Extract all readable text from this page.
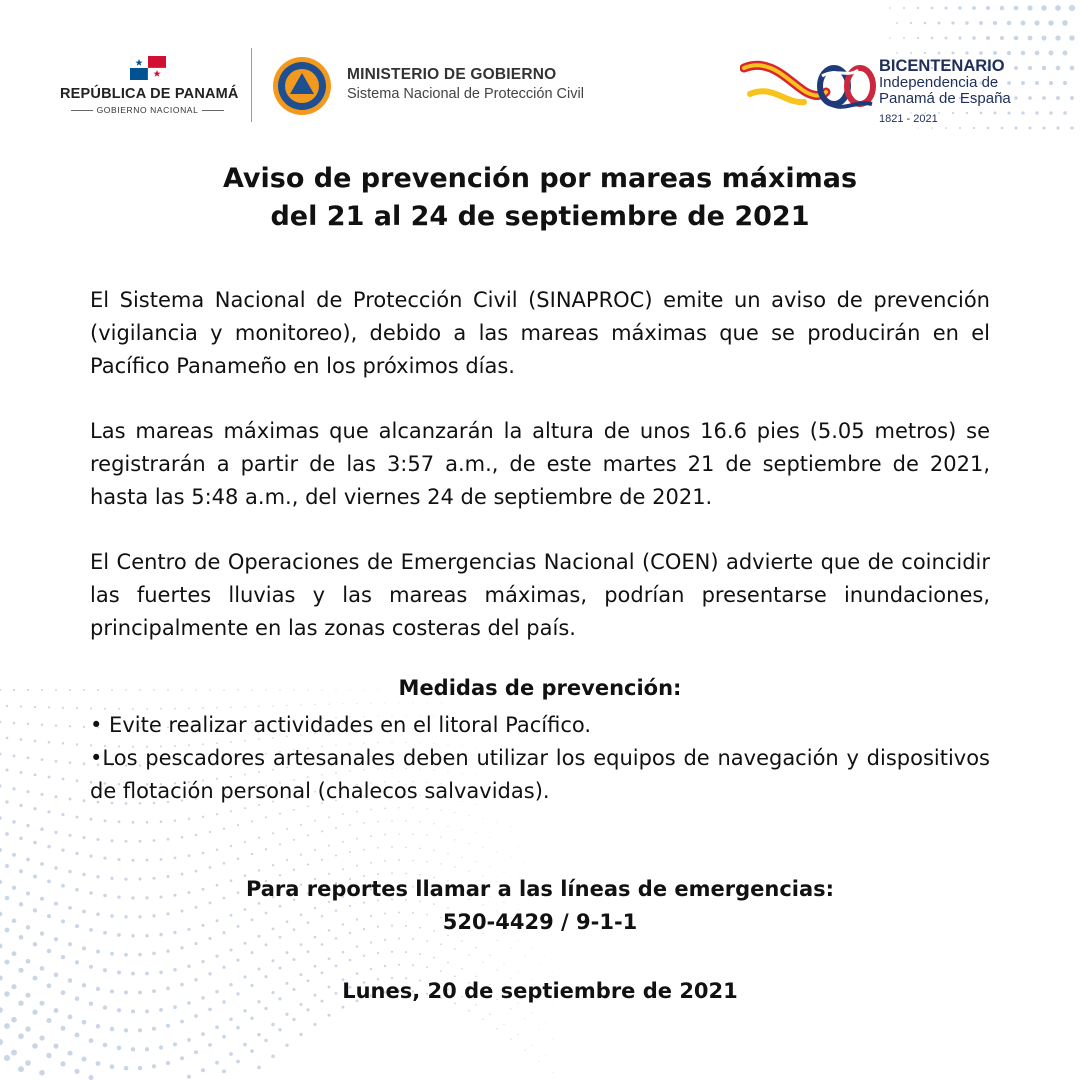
REPÚBLICA DE PANAMÁ
GOBIERNO NACIONAL
MINISTERIO DE GOBIERNO
Sistema Nacional de Protección Civil
BICENTENARIO
Independencia de
Panamá de España
1821 - 2021
Aviso de prevención por mareas máximas
del 21 al 24 de septiembre de 2021

El Sistema Nacional de Protección Civil (SINAPROC) emite un aviso de prevención (vigilancia y monitoreo), debido a las mareas máximas que se producirán en el Pacífico Panameño en los próximos días.

Las mareas máximas que alcanzarán la altura de unos 16.6 pies (5.05 metros) se registrarán a partir de las 3:57 a.m., de este martes 21 de septiembre de 2021, hasta las 5:48 a.m., del viernes 24 de septiembre de 2021.

El Centro de Operaciones de Emergencias Nacional (COEN) advierte que de coincidir las fuertes lluvias y las mareas máximas, podrían presentarse inundaciones, principalmente en las zonas costeras del país.

Medidas de prevención:
• Evite realizar actividades en el litoral Pacífico.
•Los pescadores artesanales deben utilizar los equipos de navegación y dispositivos de flotación personal (chalecos salvavidas).
Para reportes llamar a las líneas de emergencias:
520-4429 / 9-1-1
Lunes, 20 de septiembre de 2021
